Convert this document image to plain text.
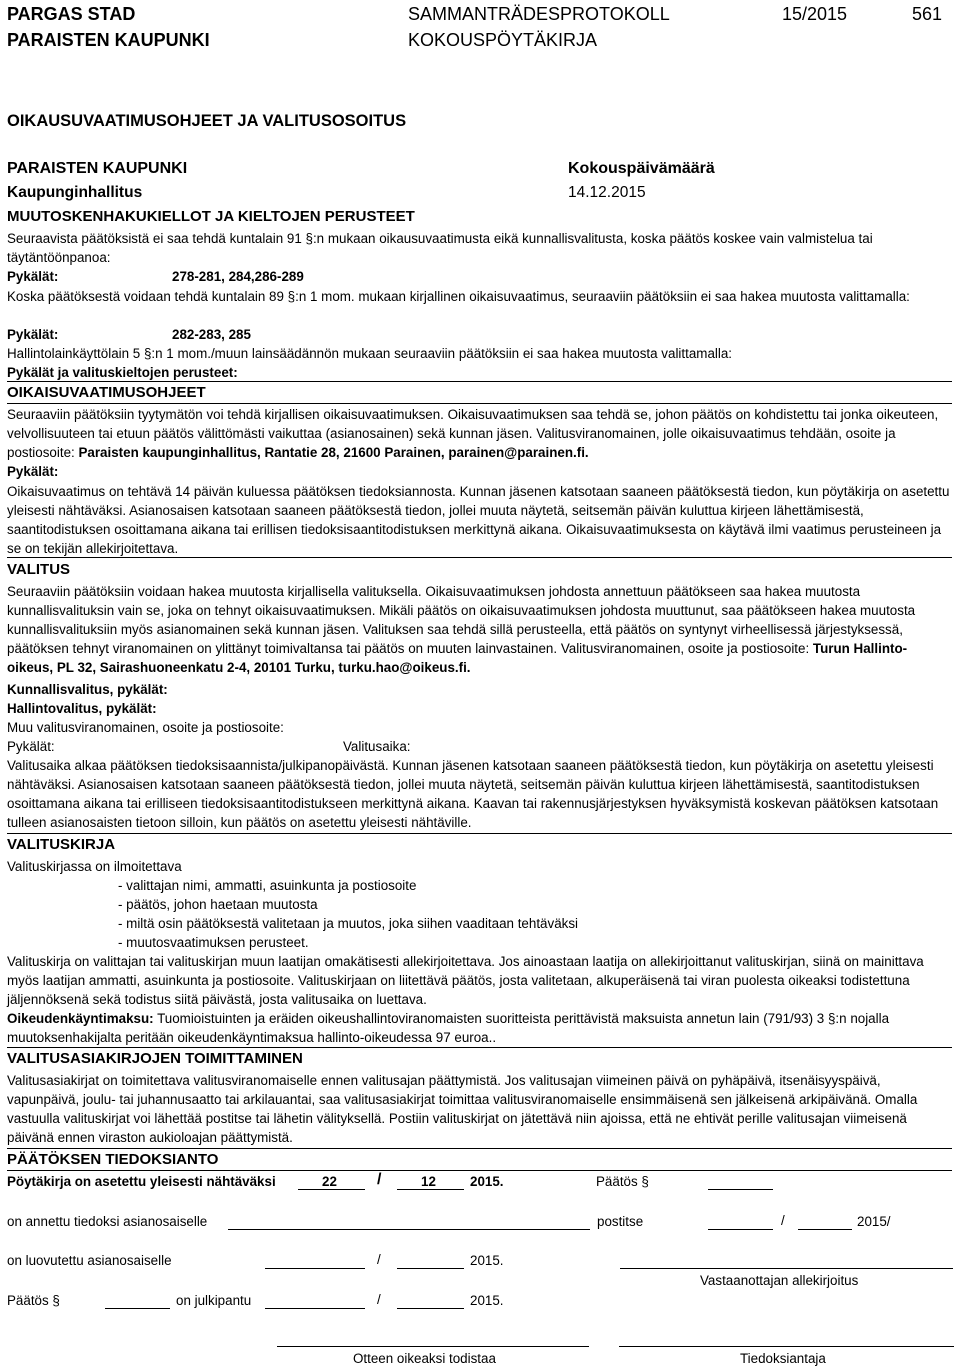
PARGAS STAD
PARAISTEN KAUPUNKI
SAMMANTRÄDESPROTOKOLL
KOKOUSPÖYTÄKIRJA
15/2015	561
OIKAUSUVAATIMUSOHJEET JA VALITUSOSOITUS
PARAISTEN KAUPUNKI	Kokouspäivämäärä
Kaupunginhallitus	14.12.2015
MUUTOSKENHAKUKIELLOT JA KIELTOJEN PERUSTEET
Seuraavista päätöksistä ei saa tehdä kuntalain 91 §:n mukaan oikausuvaatimusta eikä kunnallisvalitusta, koska päätös koskee vain valmistelua tai täytäntöönpanoa:
Pykälät:	278-281, 284,286-289
Koska päätöksestä voidaan tehdä kuntalain 89 §:n 1 mom. mukaan kirjallinen oikaisuvaatimus, seuraaviin päätöksiin ei saa hakea muutosta valittamalla:
Pykälät:	282-283, 285
Hallintolainkäyttölain 5 §:n 1 mom./muun lainsäädännön mukaan seuraaviin päätöksiin ei saa hakea muutosta valittamalla:
Pykälät ja valituskieltojen perusteet:
OIKAISUVAATIMUSOHJEET
Seuraaviin päätöksiin tyytymätön voi tehdä kirjallisen oikaisuvaatimuksen. Oikaisuvaatimuksen saa tehdä se, johon päätös on kohdistettu tai jonka oikeuteen, velvollisuuteen tai etuun päätös välittömästi vaikuttaa (asianosainen) sekä kunnan jäsen. Valitusviranomainen, jolle oikaisuvaatimus tehdään, osoite ja postiosoite: Paraisten kaupunginhallitus, Rantatie 28, 21600 Parainen, parainen@parainen.fi.
Pykälät:
Oikaisuvaatimus on tehtävä 14 päivän kuluessa päätöksen tiedoksiannosta. Kunnan jäsenen katsotaan saaneen päätöksestä tiedon, kun pöytäkirja on asetettu yleisesti nähtäväksi. Asianosaisen katsotaan saaneen päätöksestä tiedon, jollei muuta näytetä, seitsemän päivän kuluttua kirjeen lähettämisestä, saantitodistuksen osoittamana aikana tai erillisen tiedoksisaantitodistuksen merkittynä aikana. Oikaisuvaatimuksesta on käytävä ilmi vaatimus perusteineen ja se on tekijän allekirjoitettava.
VALITUS
Seuraaviin päätöksiin voidaan hakea muutosta kirjallisella valituksella. Oikaisuvaatimuksen johdosta annettuun päätökseen saa hakea muutosta kunnallisvalituksin vain se, joka on tehnyt oikaisuvaatimuksen. Mikäli päätös on oikaisuvaatimuksen johdosta muuttunut, saa päätökseen hakea muutosta kunnallisvalituksiin myös asianomainen sekä kunnan jäsen. Valituksen saa tehdä sillä perusteella, että päätös on syntynyt virheellisessä järjestyksessä, päätöksen tehnyt viranomainen on ylittänyt toimivaltansa tai päätös on muuten lainvastainen. Valitusviranomainen, osoite ja postiosoite: Turun Hallinto-oikeus, PL 32, Sairashuoneenkatu 2-4, 20101 Turku, turku.hao@oikeus.fi.
Kunnallisvalitus, pykälät:
Hallintovalitus, pykälät:
Muu valitusviranomainen, osoite ja postiosoite:
Pykälät:	Valitusaika:
Valitusaika alkaa päätöksen tiedoksisaannista/julkipanopäivästä. Kunnan jäsenen katsotaan saaneen päätöksestä tiedon, kun pöytäkirja on asetettu yleisesti nähtäväksi. Asianosaisen katsotaan saaneen päätöksestä tiedon, jollei muuta näytetä, seitsemän päivän kuluttua kirjeen lähettämisestä, saantitodistuksen osoittamana aikana tai erilliseen tiedoksisaantitodistukseen merkittynä aikana. Kaavan tai rakennusjärjestyksen hyväksymistä koskevan päätöksen katsotaan tulleen asianosaisten tietoon silloin, kun päätös on asetettu yleisesti nähtäville.
VALITUSKIRJA
Valituskirjassa on ilmoitettava
- valittajan nimi, ammatti, asuinkunta ja postiosoite
- päätös, johon haetaan muutosta
- miltä osin päätöksestä valitetaan ja muutos, joka siihen vaaditaan tehtäväksi
- muutosvaatimuksen perusteet.
Valituskirja on valittajan tai valituskirjan muun laatijan omakätisesti allekirjoitettava. Jos ainoastaan laatija on allekirjoittanut valituskirjan, siinä on mainittava myös laatijan ammatti, asuinkunta ja postiosoite. Valituskirjaan on liitettävä päätös, josta valitetaan, alkuperäisenä tai viran puolesta oikeaksi todistettuna jäljennöksenä sekä todistus siitä päivästä, josta valitusaika on luettava.
Oikeudenkäyntimaksu: Tuomioistuinten ja eräiden oikeushallintoviranomaisten suoritteista perittävistä maksuista annetun lain (791/93) 3 §:n nojalla muutoksenhakijalta peritään oikeudenkäyntimaksua hallinto-oikeudessa 97 euroa..
VALITUSASIAKIRJOJEN TOIMITTAMINEN
Valitusasiakirjat on toimitettava valitusviranomaiselle ennen valitusajan päättymistä. Jos valitusajan viimeinen päivä on pyhäpäivä, itsenäisyyspäivä, vapunpäivä, joulu- tai juhannusaatto tai arkilauantai, saa valitusasiakirjat toimittaa valitusviranomaiselle ensimmäisenä sen jälkeisenä arkipäivänä. Omalla vastuulla valituskirjat voi lähettää postitse tai lähetin välityksellä. Postiin valituskirjat on jätettävä niin ajoissa, että ne ehtivät perille valitusajan viimeisenä päivänä ennen viraston aukioloajan päättymistä.
PÄÄTÖKSEN TIEDOKSIANTO
Pöytäkirja on asetettu yleisesti nähtäväksi	22	/	12	2015.	Päätös §
on annettu tiedoksi asianosaiselle	postitse	/	2015/
on luovutettu asianosaiselle	/	2015.
Vastaanottajan allekirjoitus
Päätös §	on julkipantu	/	2015.
Otteen oikeaksi todistaa	Tiedoksiantaja
